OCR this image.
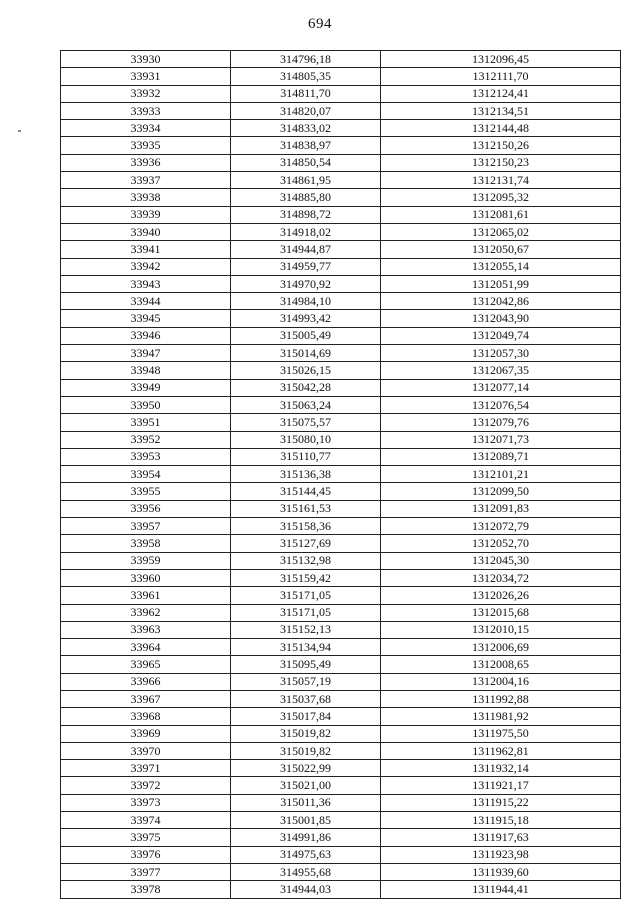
694
33930	314796,18	1312096,45
33931	314805,35	1312111,70
33932	314811,70	1312124,41
33933	314820,07	1312134,51
33934	314833,02	1312144,48
33935	314838,97	1312150,26
33936	314850,54	1312150,23
33937	314861,95	1312131,74
33938	314885,80	1312095,32
33939	314898,72	1312081,61
33940	314918,02	1312065,02
33941	314944,87	1312050,67
33942	314959,77	1312055,14
33943	314970,92	1312051,99
33944	314984,10	1312042,86
33945	314993,42	1312043,90
33946	315005,49	1312049,74
33947	315014,69	1312057,30
33948	315026,15	1312067,35
33949	315042,28	1312077,14
33950	315063,24	1312076,54
33951	315075,57	1312079,76
33952	315080,10	1312071,73
33953	315110,77	1312089,71
33954	315136,38	1312101,21
33955	315144,45	1312099,50
33956	315161,53	1312091,83
33957	315158,36	1312072,79
33958	315127,69	1312052,70
33959	315132,98	1312045,30
33960	315159,42	1312034,72
33961	315171,05	1312026,26
33962	315171,05	1312015,68
33963	315152,13	1312010,15
33964	315134,94	1312006,69
33965	315095,49	1312008,65
33966	315057,19	1312004,16
33967	315037,68	1311992,88
33968	315017,84	1311981,92
33969	315019,82	1311975,50
33970	315019,82	1311962,81
33971	315022,99	1311932,14
33972	315021,00	1311921,17
33973	315011,36	1311915,22
33974	315001,85	1311915,18
33975	314991,86	1311917,63
33976	314975,63	1311923,98
33977	314955,68	1311939,60
33978	314944,03	1311944,41
